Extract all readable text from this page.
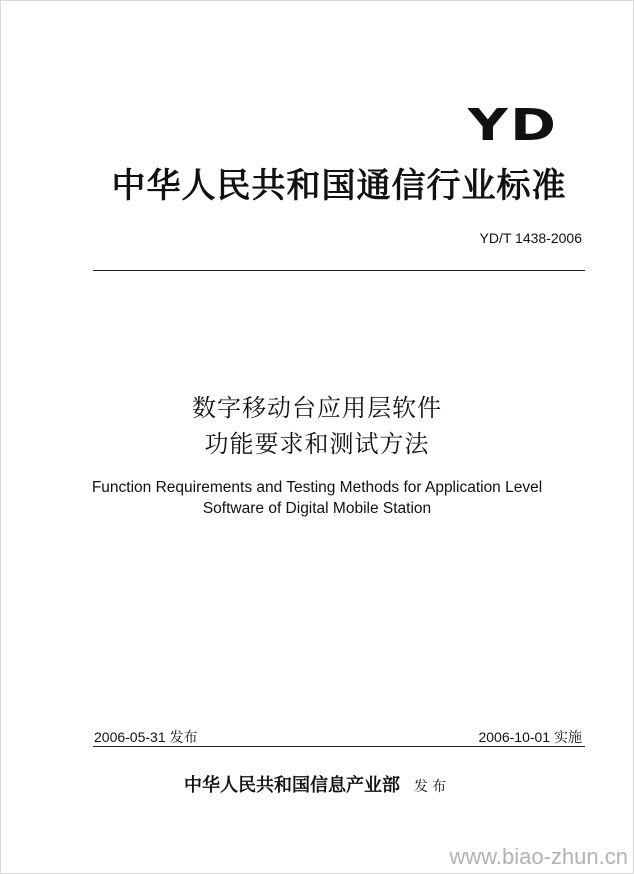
YD
中华人民共和国通信行业标准
YD/T 1438-2006
数字移动台应用层软件
功能要求和测试方法
Function Requirements and Testing Methods for Application Level
Software of Digital Mobile Station
2006-05-31 发布	2006-10-01 实施
中华人民共和国信息产业部 发布
www.biao-zhun.cn
